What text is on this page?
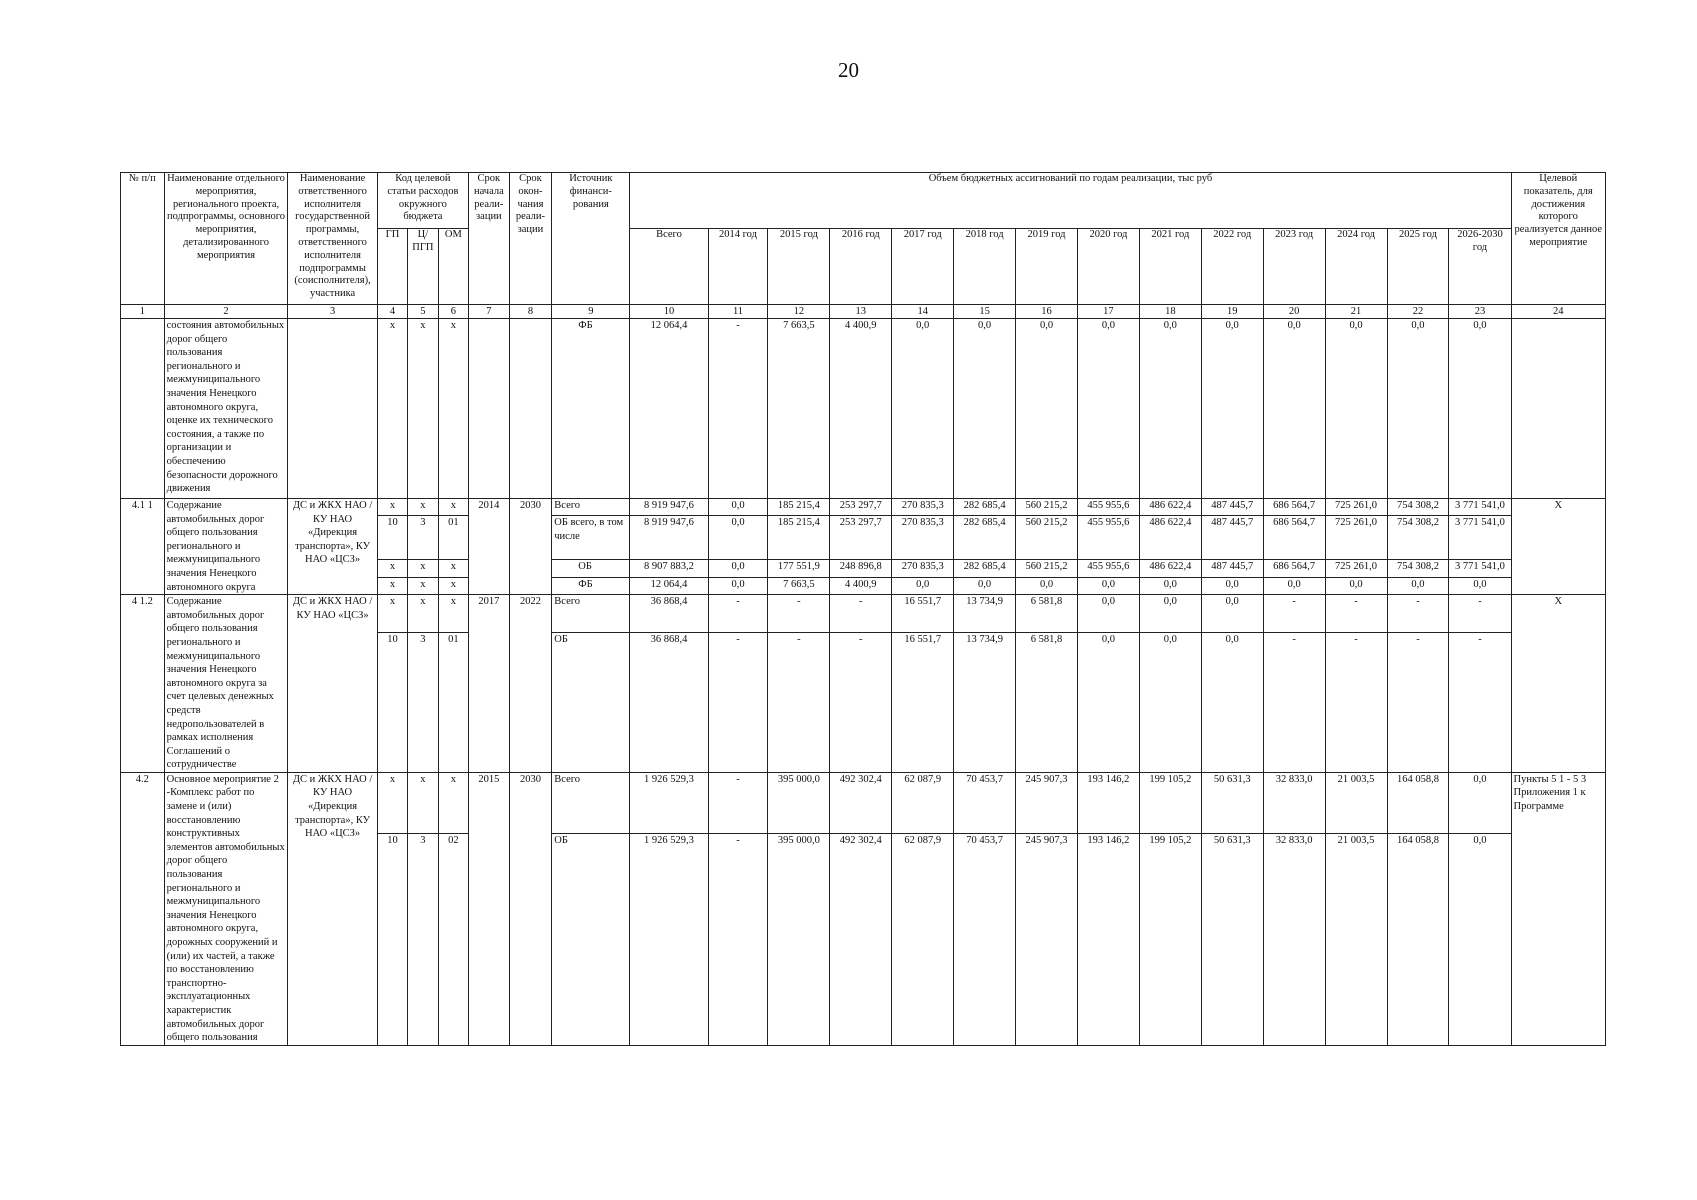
20
№ п/п	Наименование отдельного мероприятия, регионального проекта, подпрограммы, основного мероприятия, детализированного мероприятия	Наименование ответственного исполнителя государственной программы, ответственного исполнителя подпрограммы (соисполнителя), участника	Код целевой статьи расходов окружного бюджета			Срок начала реали-зации	Срок окон-чания реали-зации	Источник финанси-рования	Объем бюджетных ассигнований по годам реализации, тыс руб														Целевой показатель, для достижения которого реализуется данное мероприятие
			ГП	Ц/ПГП	ОМ				Всего	2014 год	2015 год	2016 год	2017 год	2018 год	2019 год	2020 год	2021 год	2022 год	2023 год	2024 год	2025 год	2026-2030 год	

1	2	3	4	5	6	7	8	9	10	11	12	13	14	15	16	17	18	19	20	21	22	23	24
	состояния автомобильных дорог общего пользования регионального и межмуниципального значения Ненецкого автономного округа, оценке их технического состояния, а также по организации и обеспечению безопасности дорожного движения		x	x	x			ФБ	12 064,4	-	7 663,5	4 400,9	0,0	0,0	0,0	0,0	0,0	0,0	0,0	0,0	0,0	0,0	
4.1 1	Содержание автомобильных дорог общего пользования регионального и межмуниципального значения Ненецкого автономного округа	ДС и ЖКХ НАО / КУ НАО «Дирекция транспорта», КУ НАО «ЦСЗ»	x	x	x	2014	2030	Всего	8 919 947,6	0,0	185 215,4	253 297,7	270 835,3	282 685,4	560 215,2	455 955,6	486 622,4	487 445,7	686 564,7	725 261,0	754 308,2	3 771 541,0	X
			10	3	01			ОБ всего, в том числе	8 919 947,6	0,0	185 215,4	253 297,7	270 835,3	282 685,4	560 215,2	455 955,6	486 622,4	487 445,7	686 564,7	725 261,0	754 308,2	3 771 541,0	
			x	x	x			ОБ	8 907 883,2	0,0	177 551,9	248 896,8	270 835,3	282 685,4	560 215,2	455 955,6	486 622,4	487 445,7	686 564,7	725 261,0	754 308,2	3 771 541,0	
			x	x	x			ФБ	12 064,4	0,0	7 663,5	4 400,9	0,0	0,0	0,0	0,0	0,0	0,0	0,0	0,0	0,0	0,0	
4 1.2	Содержание автомобильных дорог общего пользования регионального и межмуниципального значения Ненецкого автономного округа за счет целевых денежных средств недропользователей в рамках исполнения Соглашений о сотрудничестве	ДС и ЖКХ НАО / КУ НАО «ЦСЗ»	x	x	x	2017	2022	Всего	36 868,4	-	-	-	16 551,7	13 734,9	6 581,8	0,0	0,0	0,0	-	-	-	-	X
			10	3	01			ОБ	36 868,4	-	-	-	16 551,7	13 734,9	6 581,8	0,0	0,0	0,0	-	-	-	-	
4.2	Основное мероприятие 2 -Комплекс работ по замене и (или) восстановлению конструктивных элементов автомобильных дорог общего пользования регионального и межмуниципального значения Ненецкого автономного округа, дорожных сооружений и (или) их частей, а также по восстановлению транспортно-эксплуатационных характеристик автомобильных дорог общего пользования	ДС и ЖКХ НАО / КУ НАО «Дирекция транспорта», КУ НАО «ЦСЗ»	x	x	x	2015	2030	Всего	1 926 529,3	-	395 000,0	492 302,4	62 087,9	70 453,7	245 907,3	193 146,2	199 105,2	50 631,3	32 833,0	21 003,5	164 058,8	0,0	Пункты 5 1 - 5 3 Приложения 1 к Программе
			10	3	02			ОБ	1 926 529,3	-	395 000,0	492 302,4	62 087,9	70 453,7	245 907,3	193 146,2	199 105,2	50 631,3	32 833,0	21 003,5	164 058,8	0,0	
